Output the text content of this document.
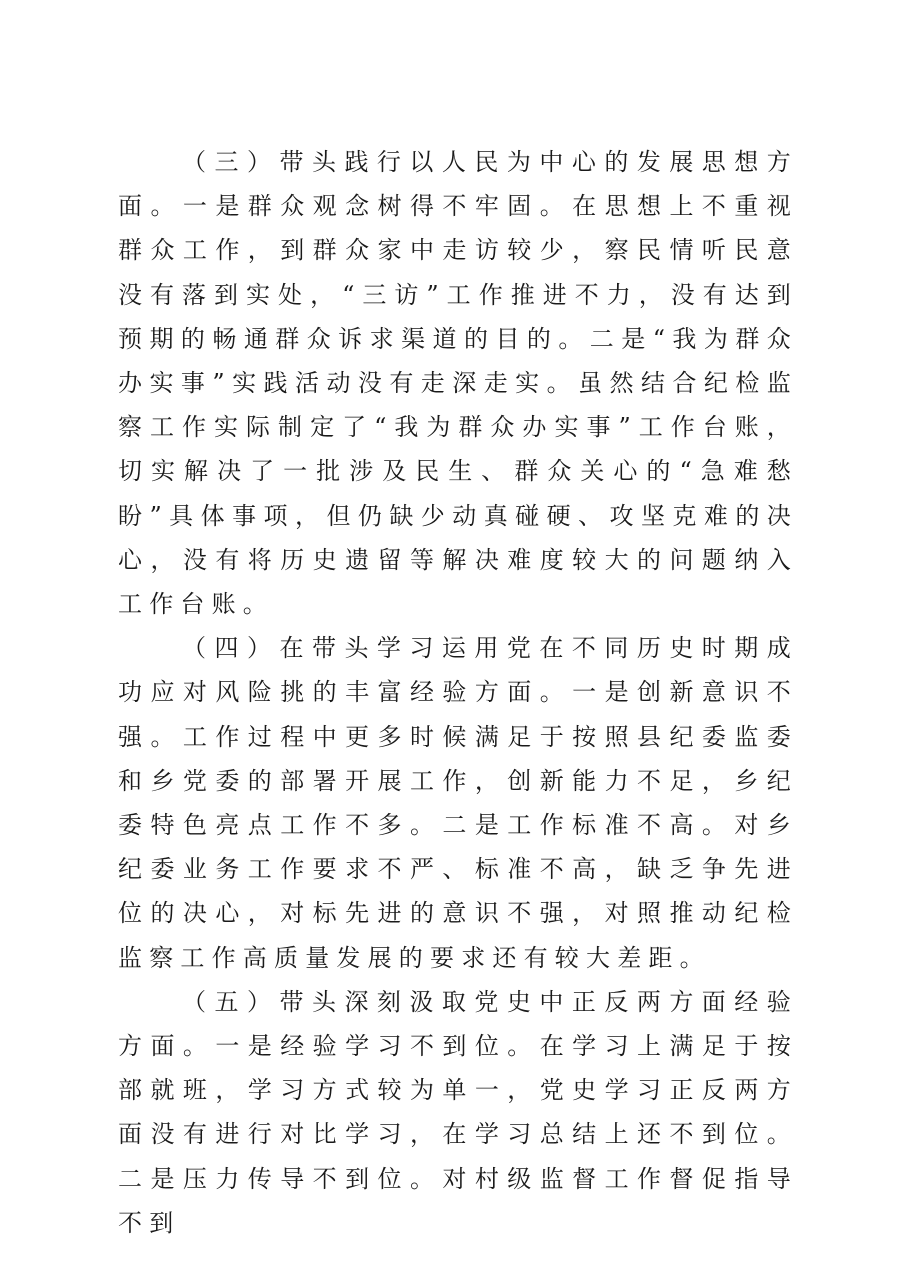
（三）带头践行以人民为中心的发展思想方面。一是群众观念树得不牢固。在思想上不重视群众工作，到群众家中走访较少，察民情听民意没有落到实处，“三访”工作推进不力，没有达到预期的畅通群众诉求渠道的目的。二是“我为群众办实事”实践活动没有走深走实。虽然结合纪检监察工作实际制定了“我为群众办实事”工作台账，切实解决了一批涉及民生、群众关心的“急难愁盼”具体事项，但仍缺少动真碰硬、攻坚克难的决心，没有将历史遗留等解决难度较大的问题纳入工作台账。

（四）在带头学习运用党在不同历史时期成功应对风险挑的丰富经验方面。一是创新意识不强。工作过程中更多时候满足于按照县纪委监委和乡党委的部署开展工作，创新能力不足，乡纪委特色亮点工作不多。二是工作标准不高。对乡纪委业务工作要求不严、标准不高，缺乏争先进位的决心，对标先进的意识不强，对照推动纪检监察工作高质量发展的要求还有较大差距。

（五）带头深刻汲取党史中正反两方面经验方面。一是经验学习不到位。在学习上满足于按部就班，学习方式较为单一，党史学习正反两方面没有进行对比学习，在学习总结上还不到位。二是压力传导不到位。对村级监督工作督促指导不到
